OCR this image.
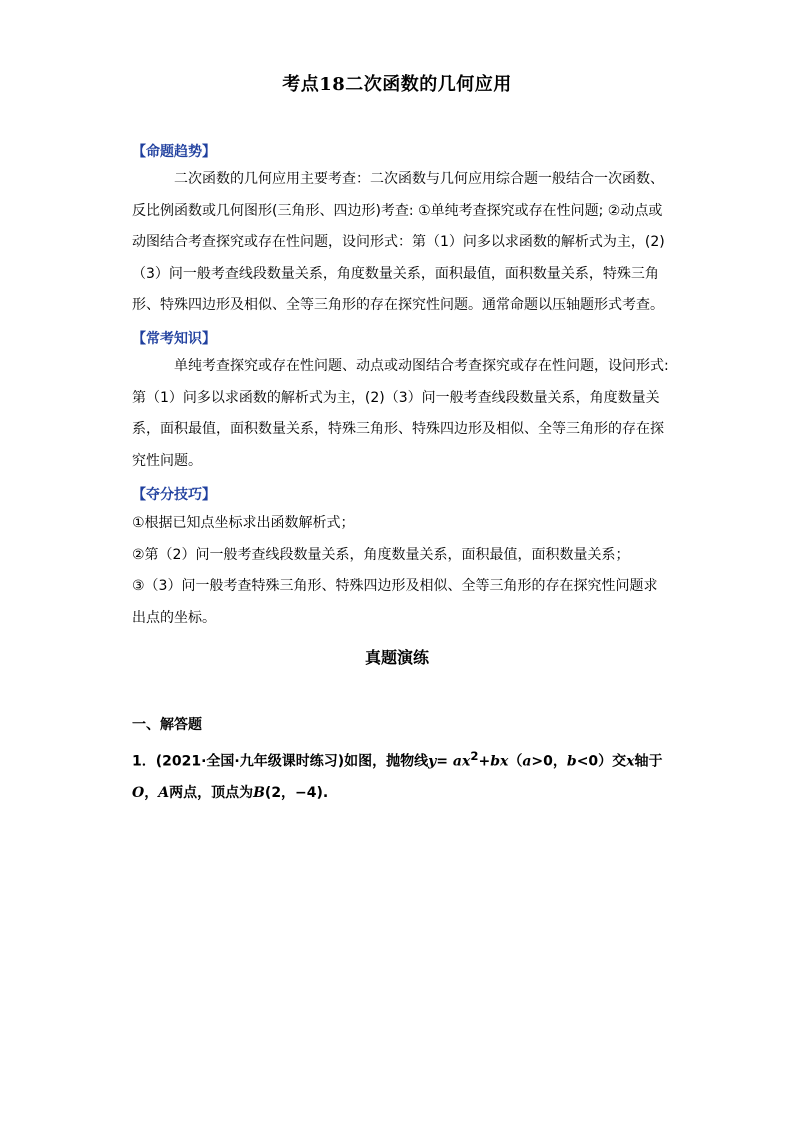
考点18二次函数的几何应用
【命题趋势】
二次函数的几何应用主要考查：二次函数与几何应用综合题一般结合一次函数、
反比例函数或几何图形(三角形、四边形)考查: ①单纯考查探究或存在性问题; ②动点或
动图结合考查探究或存在性问题，设问形式：第（1）问多以求函数的解析式为主，(2)
（3）问一般考查线段数量关系，角度数量关系，面积最值，面积数量关系，特殊三角
形、特殊四边形及相似、全等三角形的存在探究性问题。通常命题以压轴题形式考查。
【常考知识】
单纯考查探究或存在性问题、动点或动图结合考查探究或存在性问题，设问形式:
第（1）问多以求函数的解析式为主，(2)（3）问一般考查线段数量关系，角度数量关
系，面积最值，面积数量关系，特殊三角形、特殊四边形及相似、全等三角形的存在探
究性问题。
【夺分技巧】
①根据已知点坐标求出函数解析式；
②第（2）问一般考查线段数量关系，角度数量关系，面积最值，面积数量关系；
③（3）问一般考查特殊三角形、特殊四边形及相似、全等三角形的存在探究性问题求
出点的坐标。
真题演练
一、解答题
1．(2021·全国·九年级课时练习)如图，抛物线$y= ax^2+bx(a>0$，b<0）交x轴于
O，A两点，顶点为B(2，−4).
